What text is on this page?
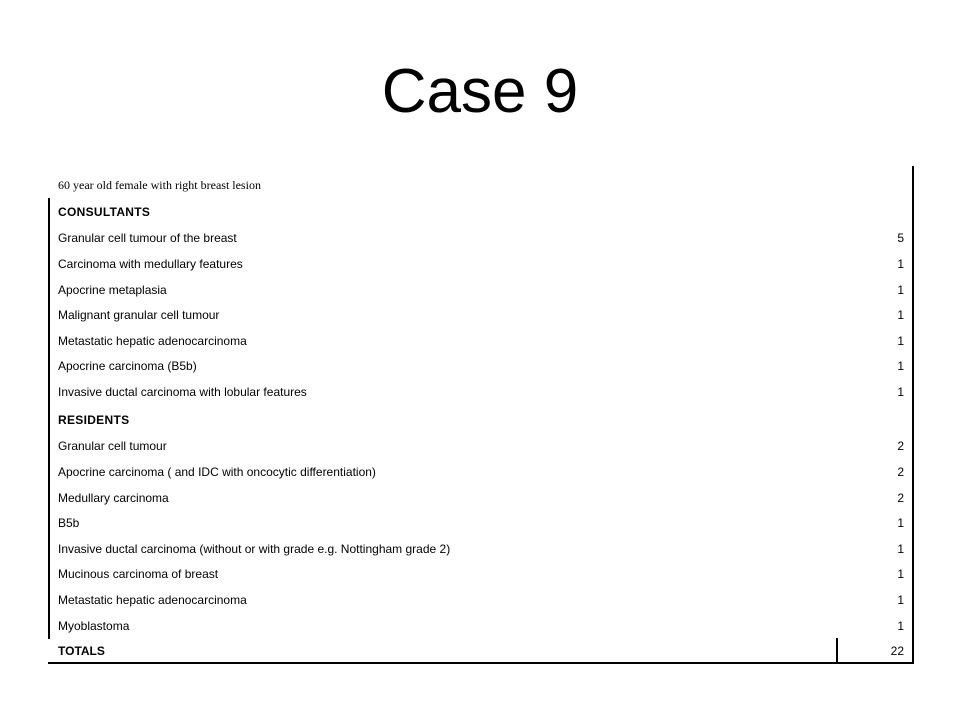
Case 9
60 year old female with right breast lesion
CONSULTANTS
Granular cell tumour of the breast	5
Carcinoma with medullary features	1
Apocrine metaplasia	1
Malignant granular cell tumour	1
Metastatic hepatic adenocarcinoma	1
Apocrine carcinoma (B5b)	1
Invasive ductal carcinoma with lobular features	1
RESIDENTS
Granular cell tumour	2
Apocrine carcinoma ( and IDC with oncocytic differentiation)	2
Medullary carcinoma	2
B5b	1
Invasive ductal carcinoma (without or with grade e.g. Nottingham grade 2)	1
Mucinous carcinoma of breast	1
Metastatic hepatic adenocarcinoma	1
Myoblastoma	1
TOTALS	22
